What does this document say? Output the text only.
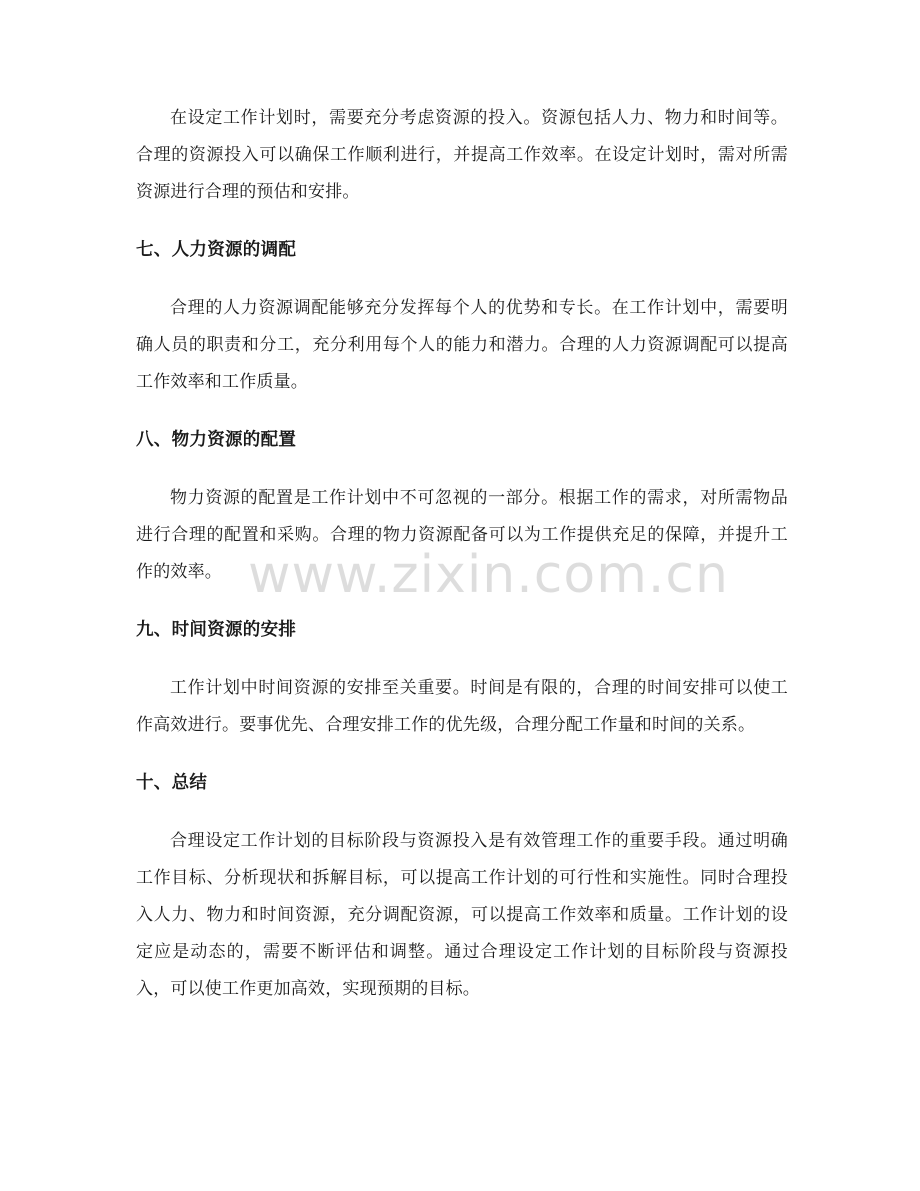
在设定工作计划时，需要充分考虑资源的投入。资源包括人力、物力和时间等。合理的资源投入可以确保工作顺利进行，并提高工作效率。在设定计划时，需对所需资源进行合理的预估和安排。

七、人力资源的调配

合理的人力资源调配能够充分发挥每个人的优势和专长。在工作计划中，需要明确人员的职责和分工，充分利用每个人的能力和潜力。合理的人力资源调配可以提高工作效率和工作质量。

八、物力资源的配置

物力资源的配置是工作计划中不可忽视的一部分。根据工作的需求，对所需物品进行合理的配置和采购。合理的物力资源配备可以为工作提供充足的保障，并提升工作的效率。

九、时间资源的安排

工作计划中时间资源的安排至关重要。时间是有限的，合理的时间安排可以使工作高效进行。要事优先、合理安排工作的优先级，合理分配工作量和时间的关系。

十、总结

合理设定工作计划的目标阶段与资源投入是有效管理工作的重要手段。通过明确工作目标、分析现状和拆解目标，可以提高工作计划的可行性和实施性。同时合理投入人力、物力和时间资源，充分调配资源，可以提高工作效率和质量。工作计划的设定应是动态的，需要不断评估和调整。通过合理设定工作计划的目标阶段与资源投入，可以使工作更加高效，实现预期的目标。

www.zixin.com.cn
